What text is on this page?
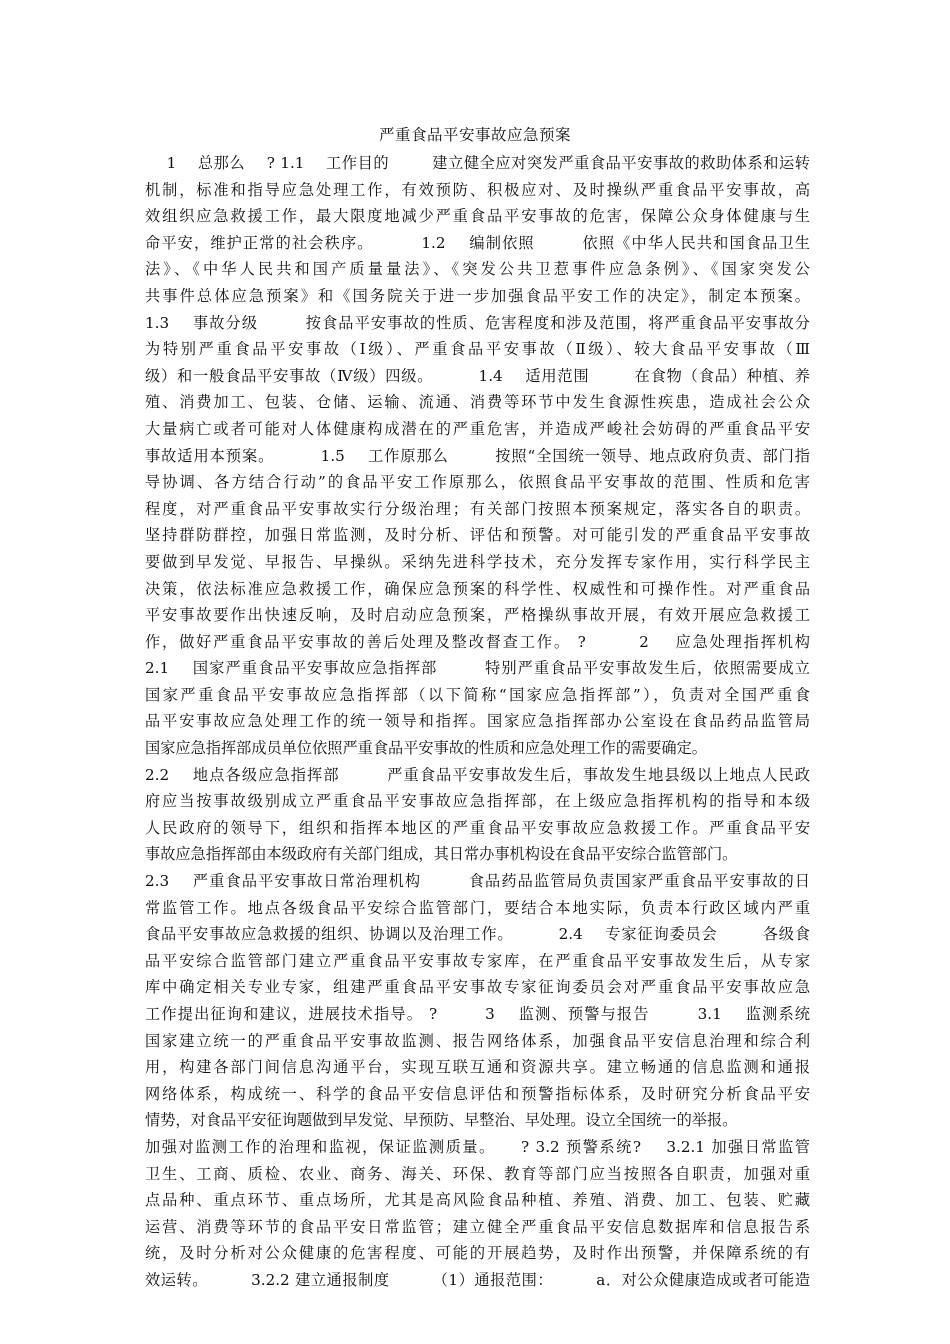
严重食品平安事故应急预案
1    总那么    ? 1.1    工作目的        建立健全应对突发严重食品平安事故的救助体系和运转
机制，标准和指导应急处理工作，有效预防、积极应对、及时操纵严重食品平安事故，高
效组织应急救援工作，最大限度地减少严重食品平安事故的危害，保障公众身体健康与生
命平安，维护正常的社会秩序。        1.2    编制依照        依照《中华人民共和国食品卫生
法》、《中华人民共和国产质量量法》、《突发公共卫惹事件应急条例》、《国家突发公
共事件总体应急预案》和《国务院关于进一步加强食品平安工作的决定》，制定本预案。
1.3    事故分级        按食品平安事故的性质、危害程度和涉及范围，将严重食品平安事故分
为特别严重食品平安事故（Ⅰ级）、严重食品平安事故（Ⅱ级）、较大食品平安事故（Ⅲ
级）和一般食品平安事故（Ⅳ级）四级。        1.4    适用范围        在食物（食品）种植、养
殖、消费加工、包装、仓储、运输、流通、消费等环节中发生食源性疾患，造成社会公众
大量病亡或者可能对人体健康构成潜在的严重危害，并造成严峻社会妨碍的严重食品平安
事故适用本预案。        1.5    工作原那么        按照“全国统一领导、地点政府负责、部门指
导协调、各方结合行动”的食品平安工作原那么，依照食品平安事故的范围、性质和危害
程度，对严重食品平安事故实行分级治理；有关部门按照本预案规定，落实各自的职责。
坚持群防群控，加强日常监测，及时分析、评估和预警。对可能引发的严重食品平安事故
要做到早发觉、早报告、早操纵。采纳先进科学技术，充分发挥专家作用，实行科学民主
决策，依法标准应急救援工作，确保应急预案的科学性、权威性和可操作性。对严重食品
平安事故要作出快速反响，及时启动应急预案，严格操纵事故开展，有效开展应急救援工
作，做好严重食品平安事故的善后处理及整改督查工作。 ?        2    应急处理指挥机构
2.1    国家严重食品平安事故应急指挥部        特别严重食品平安事故发生后，依照需要成立
国家严重食品平安事故应急指挥部（以下简称“国家应急指挥部”），负责对全国严重食
品平安事故应急处理工作的统一领导和指挥。国家应急指挥部办公室设在食品药品监管局
国家应急指挥部成员单位依照严重食品平安事故的性质和应急处理工作的需要确定。
2.2    地点各级应急指挥部        严重食品平安事故发生后，事故发生地县级以上地点人民政
府应当按事故级别成立严重食品平安事故应急指挥部，在上级应急指挥机构的指导和本级
人民政府的领导下，组织和指挥本地区的严重食品平安事故应急救援工作。严重食品平安
事故应急指挥部由本级政府有关部门组成，其日常办事机构设在食品平安综合监管部门。
2.3    严重食品平安事故日常治理机构        食品药品监管局负责国家严重食品平安事故的日
常监管工作。地点各级食品平安综合监管部门，要结合本地实际，负责本行政区域内严重
食品平安事故应急救援的组织、协调以及治理工作。        2.4    专家征询委员会        各级食
品平安综合监管部门建立严重食品平安事故专家库，在严重食品平安事故发生后，从专家
库中确定相关专业专家，组建严重食品平安事故专家征询委员会对严重食品平安事故应急
工作提出征询和建议，进展技术指导。 ?        3    监测、预警与报告        3.1    监测系统
国家建立统一的严重食品平安事故监测、报告网络体系，加强食品平安信息治理和综合利
用，构建各部门间信息沟通平台，实现互联互通和资源共享。建立畅通的信息监测和通报
网络体系，构成统一、科学的食品平安信息评估和预警指标体系，及时研究分析食品平安
情势，对食品平安征询题做到早发觉、早预防、早整治、早处理。设立全国统一的举报。
加强对监测工作的治理和监视，保证监测质量。    ? 3.2 预警系统?    3.2.1 加强日常监管
卫生、工商、质检、农业、商务、海关、环保、教育等部门应当按照各自职责，加强对重
点品种、重点环节、重点场所，尤其是高风险食品种植、养殖、消费、加工、包装、贮藏
运营、消费等环节的食品平安日常监管；建立健全严重食品平安信息数据库和信息报告系
统，及时分析对公众健康的危害程度、可能的开展趋势，及时作出预警，并保障系统的有
效运转。        3.2.2 建立通报制度        （1）通报范围：        a．对公众健康造成或者可能造
